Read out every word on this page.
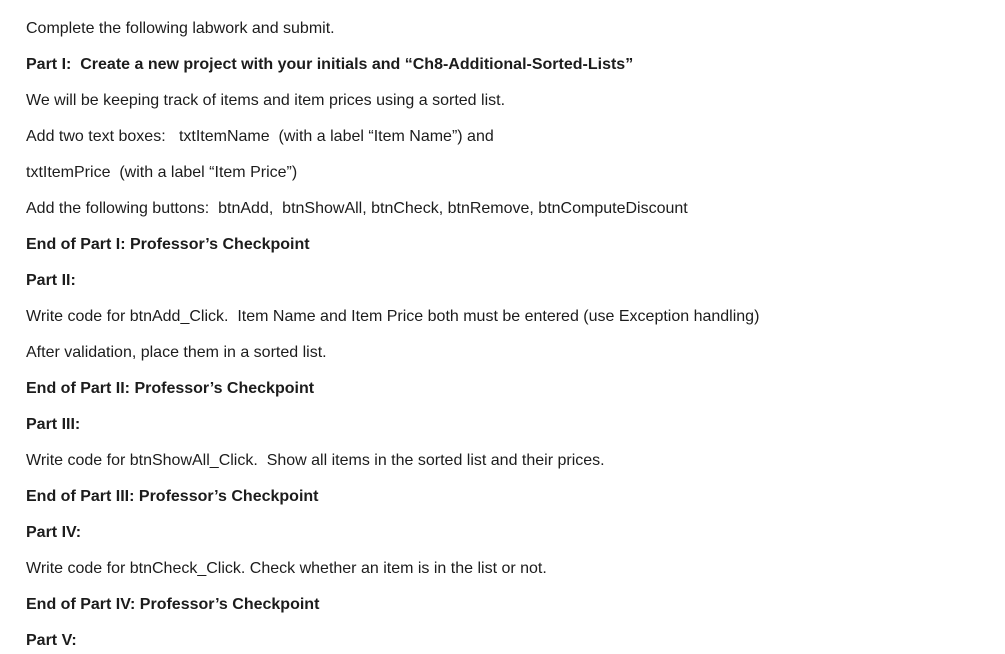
Complete the following labwork and submit.
Part I:  Create a new project with your initials and “Ch8-Additional-Sorted-Lists”
We will be keeping track of items and item prices using a sorted list.
Add two text boxes:   txtItemName  (with a label “Item Name”) and
txtItemPrice  (with a label “Item Price”)
Add the following buttons:  btnAdd,  btnShowAll, btnCheck, btnRemove, btnComputeDiscount
End of Part I: Professor’s Checkpoint
Part II:
Write code for btnAdd_Click.  Item Name and Item Price both must be entered (use Exception handling)
After validation, place them in a sorted list.
End of Part II: Professor’s Checkpoint
Part III:
Write code for btnShowAll_Click.  Show all items in the sorted list and their prices.
End of Part III: Professor’s Checkpoint
Part IV:
Write code for btnCheck_Click. Check whether an item is in the list or not.
End of Part IV: Professor’s Checkpoint
Part V:
